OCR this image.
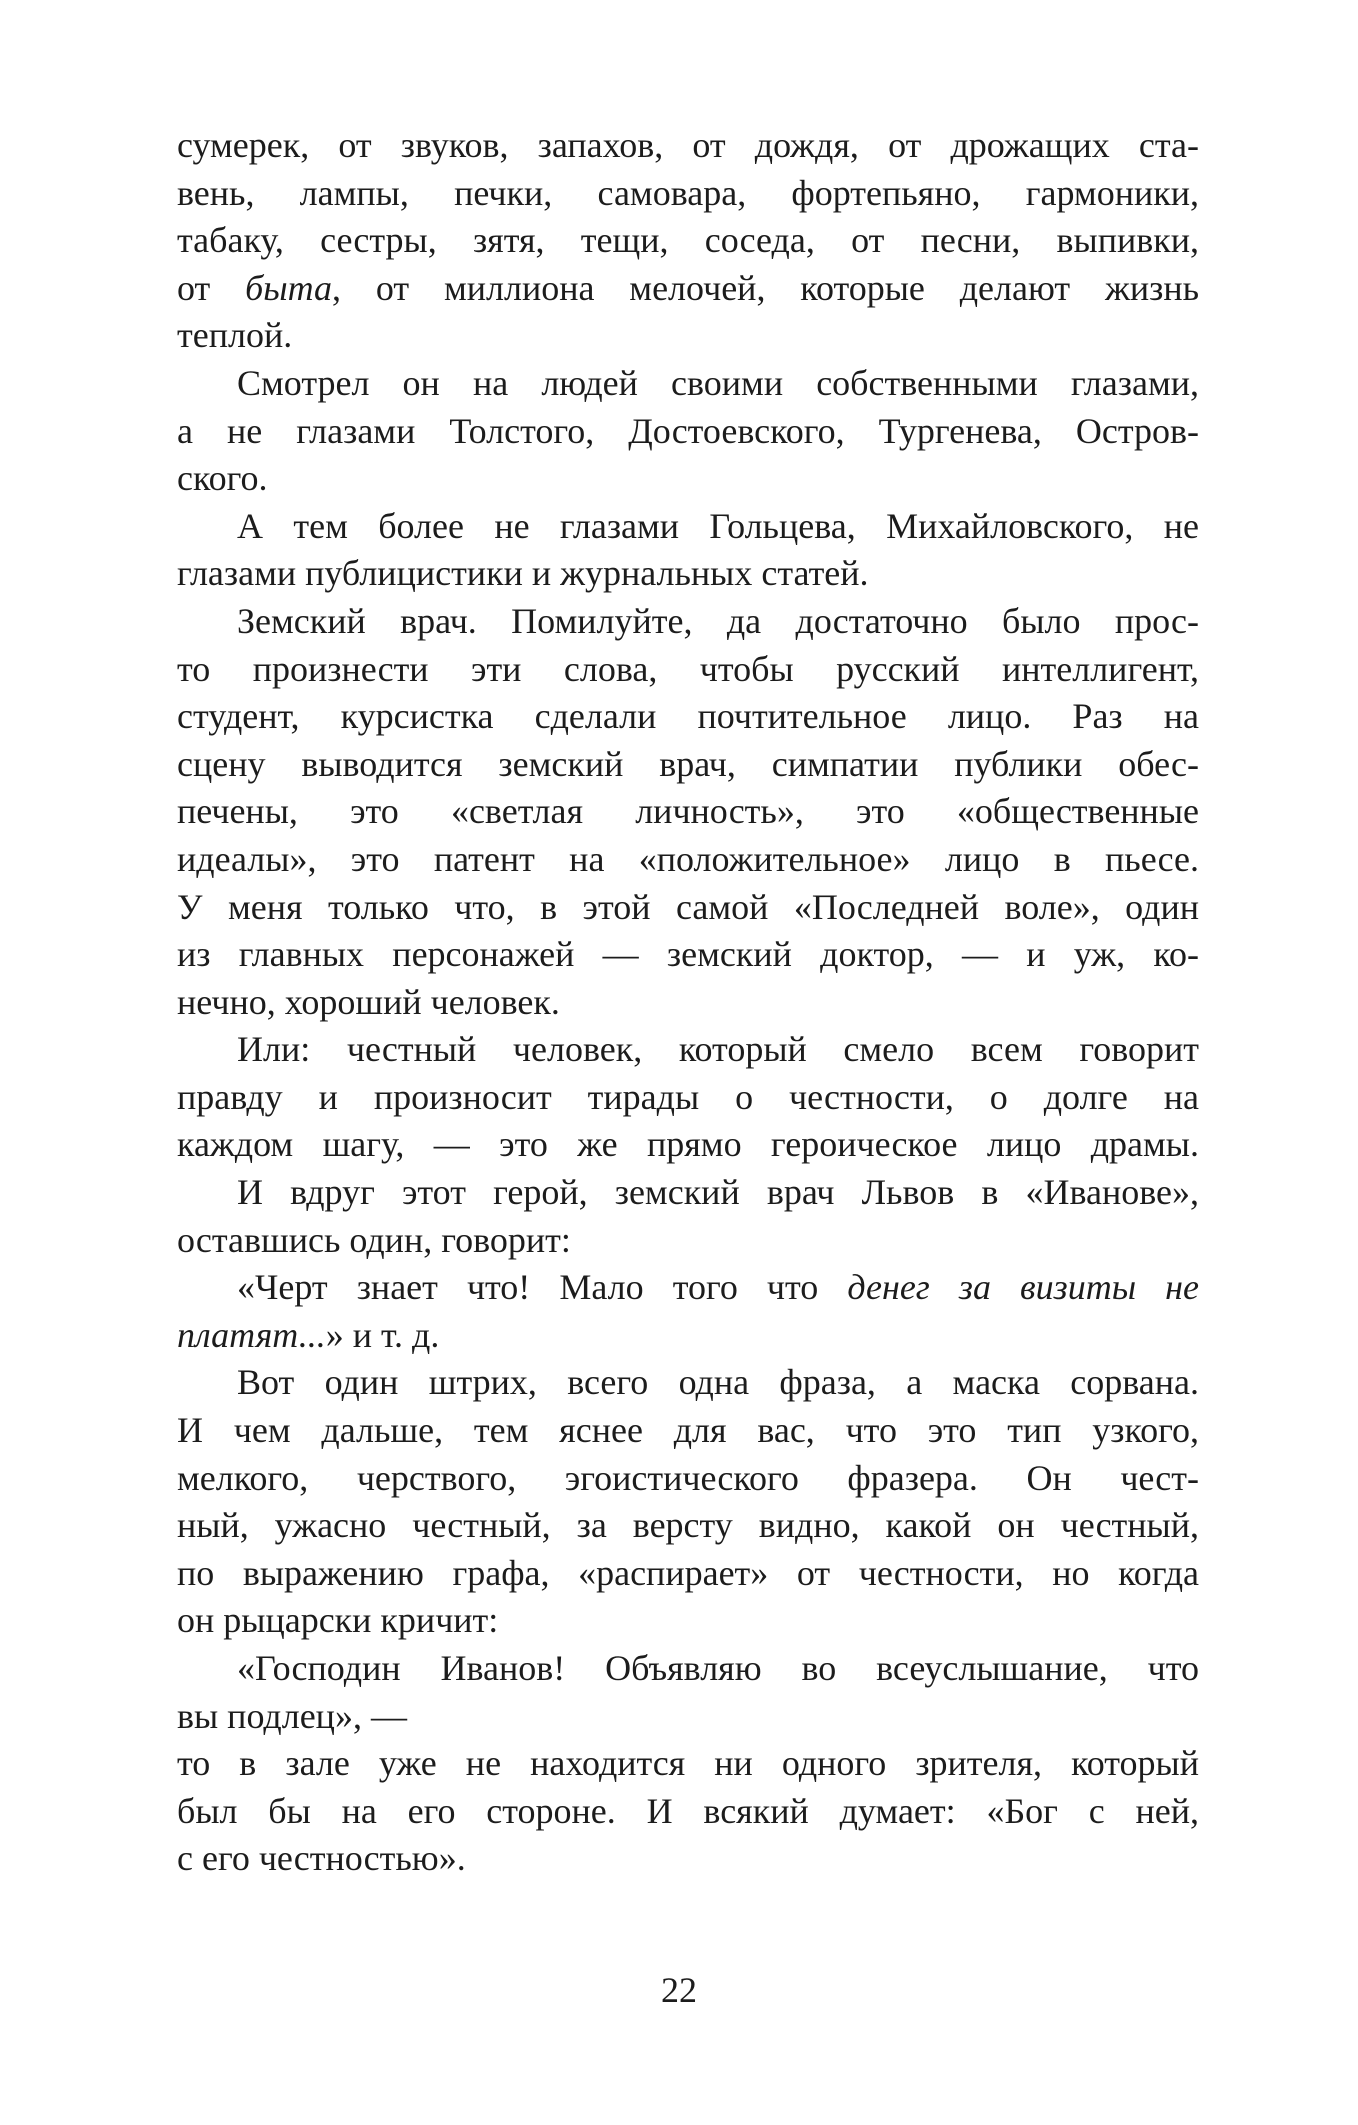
сумерек, от звуков, запахов, от дождя, от дрожащих ста-
вень, лампы, печки, самовара, фортепьяно, гармоники,
табаку, сестры, зятя, тещи, соседа, от песни, выпивки,
от быта, от миллиона мелочей, которые делают жизнь
теплой.
Смотрел он на людей своими собственными глазами,
а не глазами Толстого, Достоевского, Тургенева, Остров-
ского.
А тем более не глазами Гольцева, Михайловского, не
глазами публицистики и журнальных статей.
Земский врач. Помилуйте, да достаточно было прос-
то произнести эти слова, чтобы русский интеллигент,
студент, курсистка сделали почтительное лицо. Раз на
сцену выводится земский врач, симпатии публики обес-
печены, это «светлая личность», это «общественные
идеалы», это патент на «положительное» лицо в пьесе.
У меня только что, в этой самой «Последней воле», один
из главных персонажей — земский доктор, — и уж, ко-
нечно, хороший человек.
Или: честный человек, который смело всем говорит
правду и произносит тирады о честности, о долге на
каждом шагу, — это же прямо героическое лицо драмы.
И вдруг этот герой, земский врач Львов в «Иванове»,
оставшись один, говорит:
«Черт знает что! Мало того что денег за визиты не
платят...» и т. д.
Вот один штрих, всего одна фраза, а маска сорвана.
И чем дальше, тем яснее для вас, что это тип узкого,
мелкого, черствого, эгоистического фразера. Он чест-
ный, ужасно честный, за версту видно, какой он честный,
по выражению графа, «распирает» от честности, но когда
он рыцарски кричит:
«Господин Иванов! Объявляю во всеуслышание, что
вы подлец», —
то в зале уже не находится ни одного зрителя, который
был бы на его стороне. И всякий думает: «Бог с ней,
с его честностью».
22
